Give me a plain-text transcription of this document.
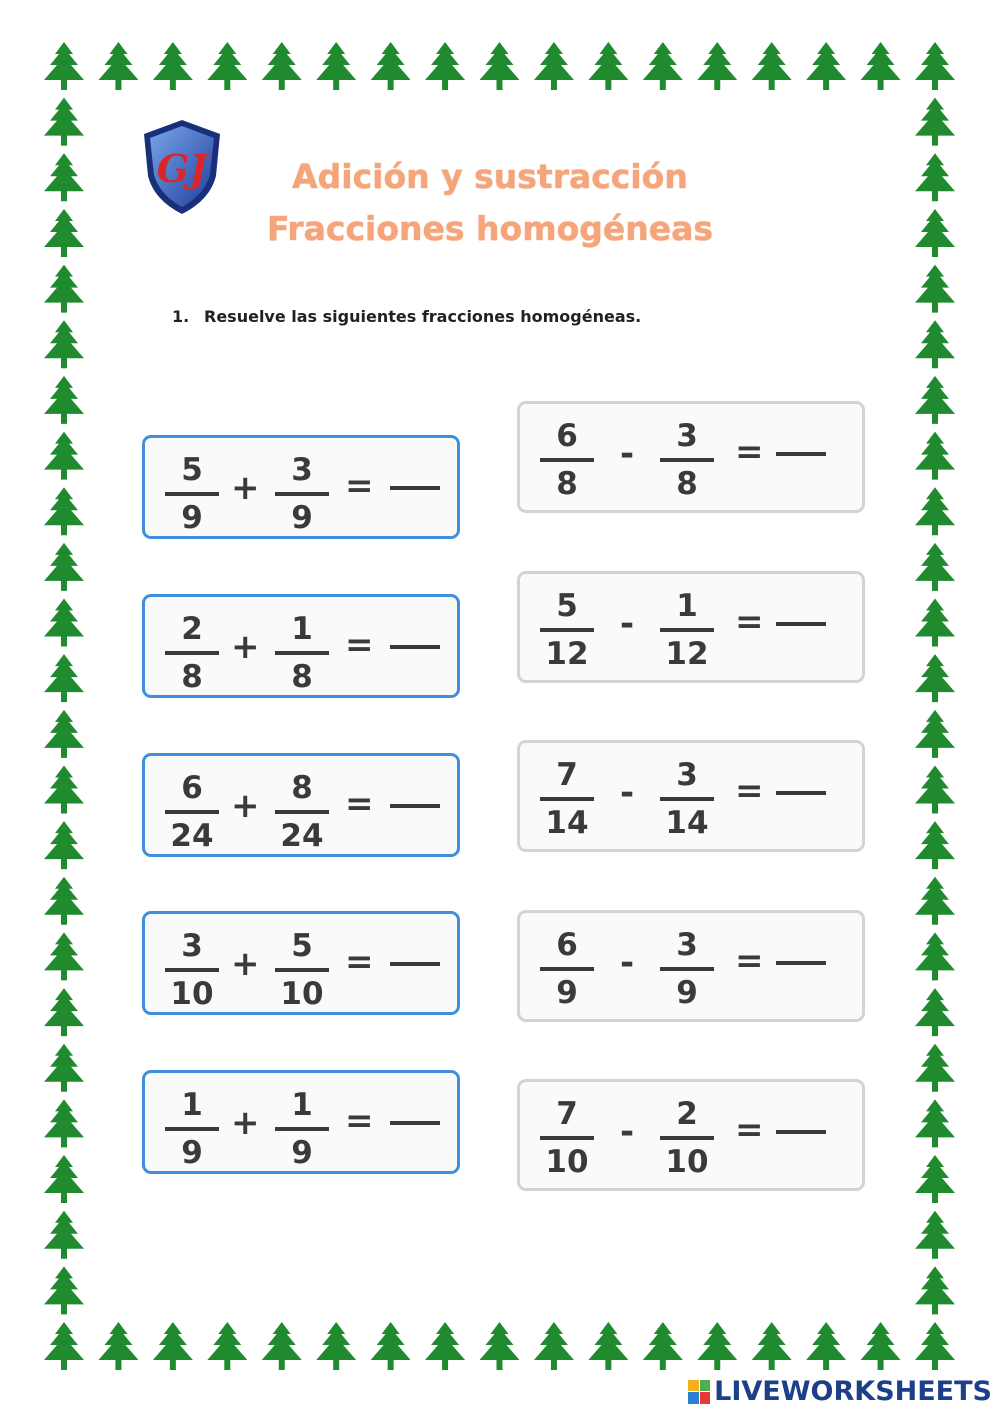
GJ	Adición y sustracción
Fracciones homogéneas
1. Resuelve las siguientes fracciones homogéneas.
5
9
+	3
9
=
2
8
+	1
8
=
6
24
+	8
24
=
3
10
+	5
10
=
1
9
+	1
9
=
6
8
-	3
8
=
5
12
-	1
12
=
7
14
-	3
14
=
6
9
-	3
9
=
7
10
-	2
10
=
LIVEWORKSHEETS
